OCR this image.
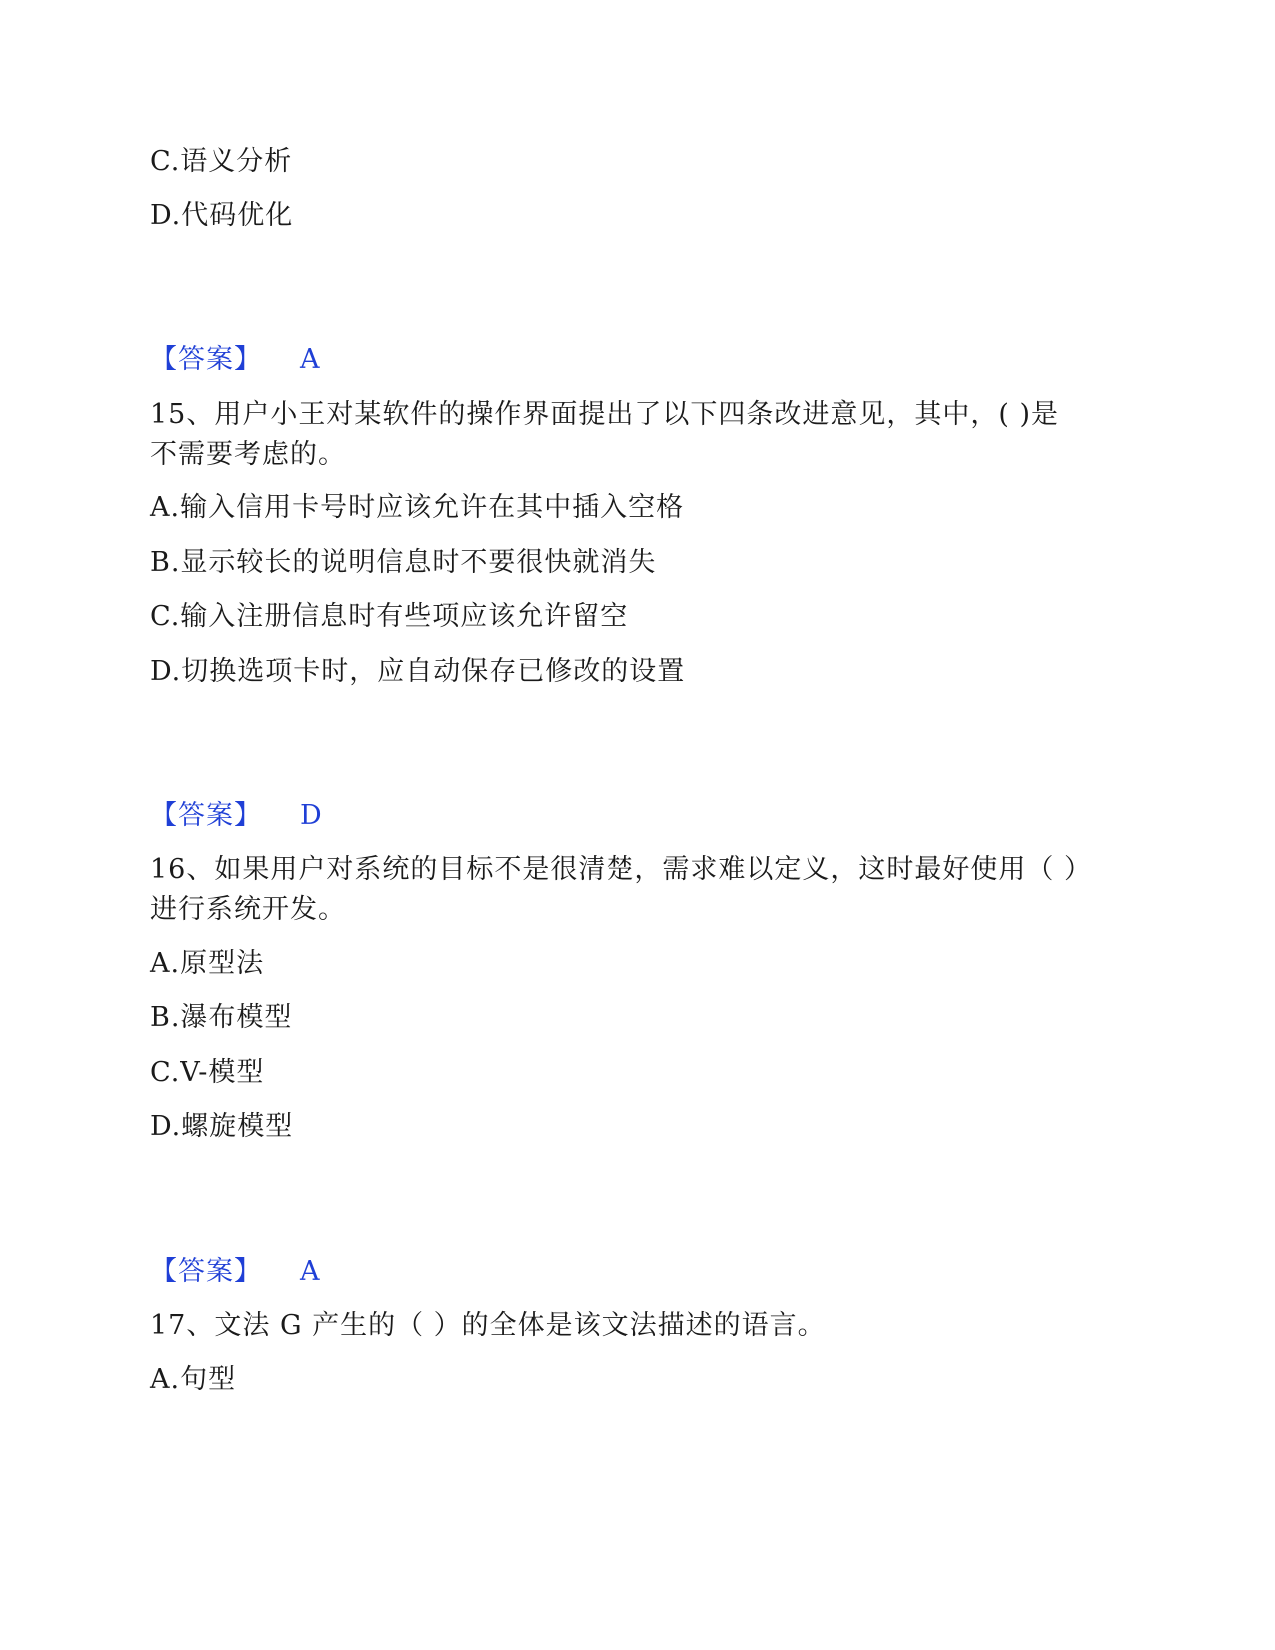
C.语义分析
D.代码优化
【答案】 A
15、用户小王对某软件的操作界面提出了以下四条改进意见，其中，( )是
不需要考虑的。
A.输入信用卡号时应该允许在其中插入空格
B.显示较长的说明信息时不要很快就消失
C.输入注册信息时有些项应该允许留空
D.切换选项卡时，应自动保存已修改的设置
【答案】 D
16、如果用户对系统的目标不是很清楚，需求难以定义，这时最好使用（ ）
进行系统开发。
A.原型法
B.瀑布模型
C.V-模型
D.螺旋模型
【答案】 A
17、文法 G 产生的（ ）的全体是该文法描述的语言。
A.句型
